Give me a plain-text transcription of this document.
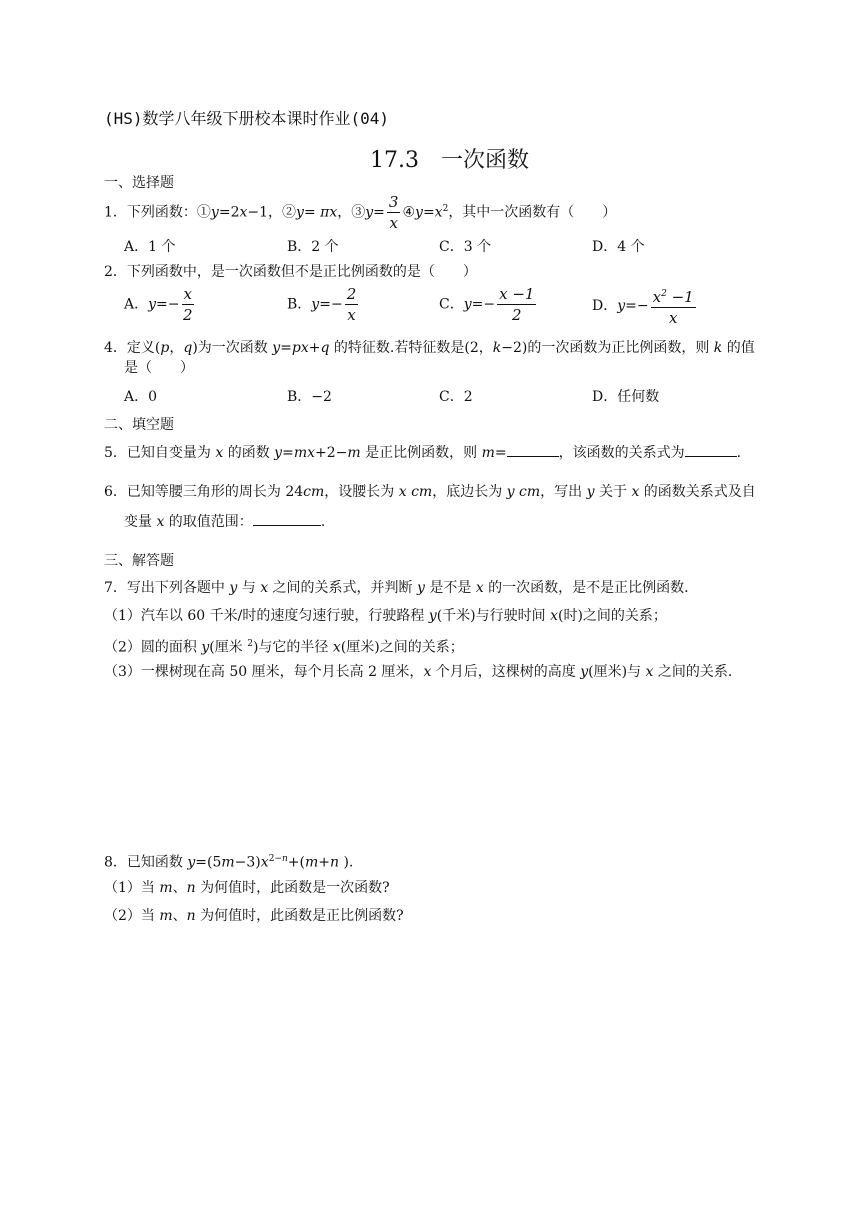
(HS)数学八年级下册校本课时作业(04)
17.3　一次函数
一、选择题
1．下列函数：①y=2x−1，②y= πx，③y= $\frac{3}{x}$ $④y=x^2$，其中一次函数有（　　）
A．1 个	B．2 个	C．3 个	D．4 个
2．下列函数中，是一次函数但不是正比例函数的是（　　）
A．$y=- \frac{x}{2}$	B．$y=- \frac{2}{x}$	C．$y=- \frac{x -1}{2}$	D．$y=- \frac{x^2 -1}{x}$
4．定义(p，q)为一次函数 y=px+q 的特征数.若特征数是(2，k−2)的一次函数为正比例函数，则 k 的值
是（　　）
A．0	B．−2	C．2	D．任何数
二、填空题
5．已知自变量为 x 的函数 y=mx+2−m 是正比例函数，则 m=	，该函数的关系式为	.
6．已知等腰三角形的周长为 24cm，设腰长为 x cm，底边长为 y cm，写出 y 关于 x 的函数关系式及自
变量 x 的取值范围：	.
三、解答题
7．写出下列各题中 y 与 x 之间的关系式，并判断 y 是不是 x 的一次函数，是不是正比例函数.
（1）汽车以 60 千米/时的速度匀速行驶，行驶路程 y(千米)与行驶时间 x(时)之间的关系；
（2）圆的面积 y(厘米 $^2$)与它的半径 x(厘米)之间的关系；
（3）一棵树现在高 50 厘米，每个月长高 2 厘米，x 个月后，这棵树的高度 y(厘米)与 x 之间的关系.
8．已知函数 $y=(5m-3)x^{2-n}+(m+n$ ).
（1）当 m、n 为何值时，此函数是一次函数?
（2）当 m、n 为何值时，此函数是正比例函数?
